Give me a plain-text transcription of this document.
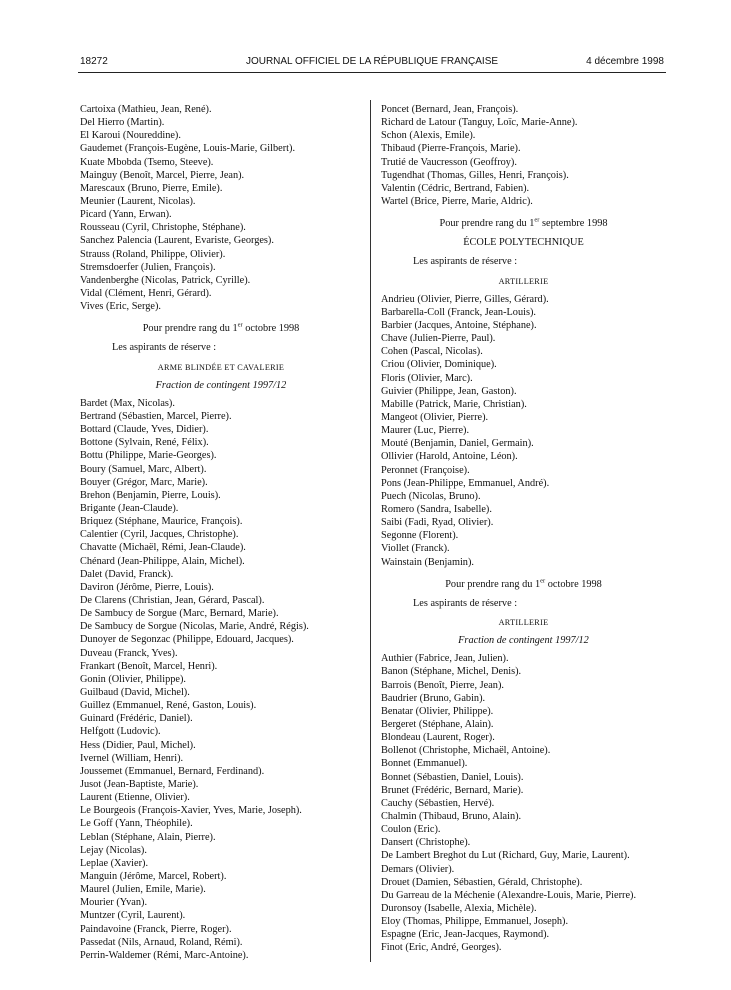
18272	JOURNAL OFFICIEL DE LA RÉPUBLIQUE FRANÇAISE	4 décembre 1998
Cartoixa (Mathieu, Jean, René).
Del Hierro (Martin).
El Karoui (Noureddine).
Gaudemet (François-Eugène, Louis-Marie, Gilbert).
Kuate Mbobda (Tsemo, Steeve).
Mainguy (Benoît, Marcel, Pierre, Jean).
Marescaux (Bruno, Pierre, Emile).
Meunier (Laurent, Nicolas).
Picard (Yann, Erwan).
Rousseau (Cyril, Christophe, Stéphane).
Sanchez Palencia (Laurent, Evariste, Georges).
Strauss (Roland, Philippe, Olivier).
Stremsdoerfer (Julien, François).
Vandenberghe (Nicolas, Patrick, Cyrille).
Vidal (Clément, Henri, Gérard).
Vives (Eric, Serge).
Pour prendre rang du 1er octobre 1998
Les aspirants de réserve :
ARME BLINDÉE ET CAVALERIE
Fraction de contingent 1997/12
Bardet (Max, Nicolas).
Bertrand (Sébastien, Marcel, Pierre).
Bottard (Claude, Yves, Didier).
Bottone (Sylvain, René, Félix).
Bottu (Philippe, Marie-Georges).
Boury (Samuel, Marc, Albert).
Bouyer (Grégor, Marc, Marie).
Brehon (Benjamin, Pierre, Louis).
Brigante (Jean-Claude).
Briquez (Stéphane, Maurice, François).
Calentier (Cyril, Jacques, Christophe).
Chavatte (Michaël, Rémi, Jean-Claude).
Chénard (Jean-Philippe, Alain, Michel).
Dalet (David, Franck).
Daviron (Jérôme, Pierre, Louis).
De Clarens (Christian, Jean, Gérard, Pascal).
De Sambucy de Sorgue (Marc, Bernard, Marie).
De Sambucy de Sorgue (Nicolas, Marie, André, Régis).
Dunoyer de Segonzac (Philippe, Edouard, Jacques).
Duveau (Franck, Yves).
Frankart (Benoît, Marcel, Henri).
Gonin (Olivier, Philippe).
Guilbaud (David, Michel).
Guillez (Emmanuel, René, Gaston, Louis).
Guinard (Frédéric, Daniel).
Helfgott (Ludovic).
Hess (Didier, Paul, Michel).
Ivernel (William, Henri).
Joussemet (Emmanuel, Bernard, Ferdinand).
Jusot (Jean-Baptiste, Marie).
Laurent (Etienne, Olivier).
Le Bourgeois (François-Xavier, Yves, Marie, Joseph).
Le Goff (Yann, Théophile).
Leblan (Stéphane, Alain, Pierre).
Lejay (Nicolas).
Leplae (Xavier).
Manguin (Jérôme, Marcel, Robert).
Maurel (Julien, Emile, Marie).
Mourier (Yvan).
Muntzer (Cyril, Laurent).
Paindavoine (Franck, Pierre, Roger).
Passedat (Nils, Arnaud, Roland, Rémi).
Perrin-Waldemer (Rémi, Marc-Antoine).
Poncet (Bernard, Jean, François).
Richard de Latour (Tanguy, Loïc, Marie-Anne).
Schon (Alexis, Emile).
Thibaud (Pierre-François, Marie).
Trutié de Vaucresson (Geoffroy).
Tugendhat (Thomas, Gilles, Henri, François).
Valentin (Cédric, Bertrand, Fabien).
Wartel (Brice, Pierre, Marie, Aldric).
Pour prendre rang du 1er septembre 1998
ÉCOLE POLYTECHNIQUE
Les aspirants de réserve :
ARTILLERIE
Andrieu (Olivier, Pierre, Gilles, Gérard).
Barbarella-Coll (Franck, Jean-Louis).
Barbier (Jacques, Antoine, Stéphane).
Chave (Julien-Pierre, Paul).
Cohen (Pascal, Nicolas).
Criou (Olivier, Dominique).
Floris (Olivier, Marc).
Guivier (Philippe, Jean, Gaston).
Mabille (Patrick, Marie, Christian).
Mangeot (Olivier, Pierre).
Maurer (Luc, Pierre).
Mouté (Benjamin, Daniel, Germain).
Ollivier (Harold, Antoine, Léon).
Peronnet (Françoise).
Pons (Jean-Philippe, Emmanuel, André).
Puech (Nicolas, Bruno).
Romero (Sandra, Isabelle).
Saibi (Fadi, Ryad, Olivier).
Segonne (Florent).
Viollet (Franck).
Wainstain (Benjamin).
Pour prendre rang du 1er octobre 1998
Les aspirants de réserve :
ARTILLERIE
Fraction de contingent 1997/12
Authier (Fabrice, Jean, Julien).
Banon (Stéphane, Michel, Denis).
Barrois (Benoît, Pierre, Jean).
Baudrier (Bruno, Gabin).
Benatar (Olivier, Philippe).
Bergeret (Stéphane, Alain).
Blondeau (Laurent, Roger).
Bollenot (Christophe, Michaël, Antoine).
Bonnet (Emmanuel).
Bonnet (Sébastien, Daniel, Louis).
Brunet (Frédéric, Bernard, Marie).
Cauchy (Sébastien, Hervé).
Chalmin (Thibaud, Bruno, Alain).
Coulon (Eric).
Dansert (Christophe).
De Lambert Breghot du Lut (Richard, Guy, Marie, Laurent).
Demars (Olivier).
Drouet (Damien, Sébastien, Gérald, Christophe).
Du Garreau de la Méchenie (Alexandre-Louis, Marie, Pierre).
Duronsoy (Isabelle, Alexia, Michèle).
Eloy (Thomas, Philippe, Emmanuel, Joseph).
Espagne (Eric, Jean-Jacques, Raymond).
Finot (Eric, André, Georges).
